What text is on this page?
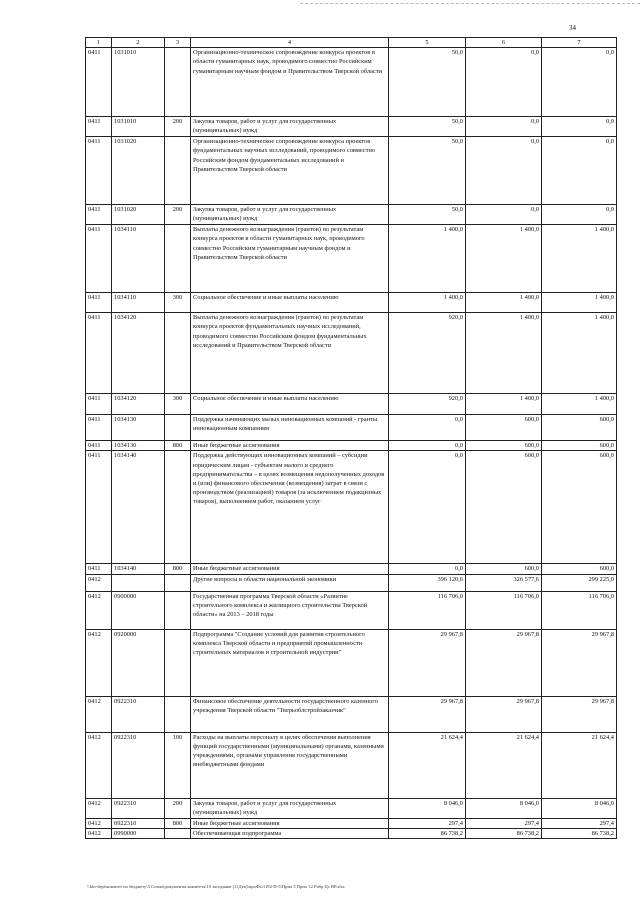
34
1	2	3	4	5	6	7
0411	1031010		Организационно-техническое сопровождение конкурса проектов в области гуманитарных наук, проводимого совместно Российским гуманитарным научным фондом и Правительством Тверской области	50,0	0,0	0,0
0411	1031010	200	Закупка товаров, работ и услуг для государственных (муниципальных) нужд	50,0	0,0	0,0
0411	1031020		Организационно-техническое сопровождение конкурса проектов фундаментальных научных исследований, проводимого совместно Российским фондом фундаментальных исследований и Правительством Тверской области	50,0	0,0	0,0
0411	1031020	200	Закупка товаров, работ и услуг для государственных (муниципальных) нужд	50,0	0,0	0,0
0411	1034110		Выплаты денежного вознаграждения (грантов) по результатам конкурса проектов в области гуманитарных наук, проводимого совместно Российским гуманитарным научным фондом и Правительством Тверской области	1 400,0	1 400,0	1 400,0
0411	1034110	300	Социальное обеспечение и иные выплаты населению	1 400,0	1 400,0	1 400,0
0411	1034120		Выплаты денежного вознаграждения (грантов) по результатам конкурса проектов фундаментальных научных исследований, проводимого совместно Российским фондом фундаментальных исследований и Правительством Тверской области	920,0	1 400,0	1 400,0
0411	1034120	300	Социальное обеспечение и иные выплаты населению	920,0	1 400,0	1 400,0
0411	1034130		Поддержка начинающих малых инновационных компаний - гранты инновационным компаниям	0,0	600,0	600,0
0411	1034130	800	Иные бюджетные ассигнования	0,0	600,0	600,0
0411	1034140		Поддержка действующих инновационных компаний – субсидии юридическим лицам - субъектам малого и среднего предпринимательства – в целях возмещения недополученных доходов и (или) финансового обеспечения (возмещения) затрат в связи с производством (реализацией) товаров (за исключением подакцизных товаров), выполнением работ, оказанием услуг	0,0	600,0	600,0
0411	1034140	800	Иные бюджетные ассигнования	0,0	600,0	600,0
0412			Другие вопросы в области национальной экономики	396 120,6	326 577,6	299 225,0
0412	0900000		Государственная программа Тверской области «Развитие строительного комплекса и жилищного строительства Тверской области» на 2013 – 2018 годы	116 706,0	116 706,0	116 706,0
0412	0920000		Подпрограмма "Создание условий для развития строительного комплекса Тверской области и предприятий промышленности строительных материалов и строительной индустрии"	29 967,8	29 967,8	29 967,8
0412	0922310		Финансовое обеспечение деятельности государственного казенного учреждения Тверской области "Тверьоблстройзаказчик"	29 967,8	29 967,8	29 967,8
0412	0922310	100	Расходы на выплаты персоналу в целях обеспечения выполнения функций государственными (муниципальными) органами, казенными учреждениями, органами управления государственными внебюджетными фондами	21 624,4	21 624,4	21 624,4
0412	0922310	200	Закупка товаров, работ и услуг для государственных (муниципальных) нужд	8 046,0	8 046,0	8 046,0
0412	0922310	800	Иные бюджетные ассигнования	297,4	297,4	297,4
0412	0990000		Обеспечивающая подпрограмма	86 738,2	86 738,2	86 738,2
\\Ido-dept\комитет по бюджету\5 Созыв\документы комитета\19 заседание (11Дек)\проФь\1192-П-5\Прил 5 Прил 12 Рабр Цс ВР.xlsx
